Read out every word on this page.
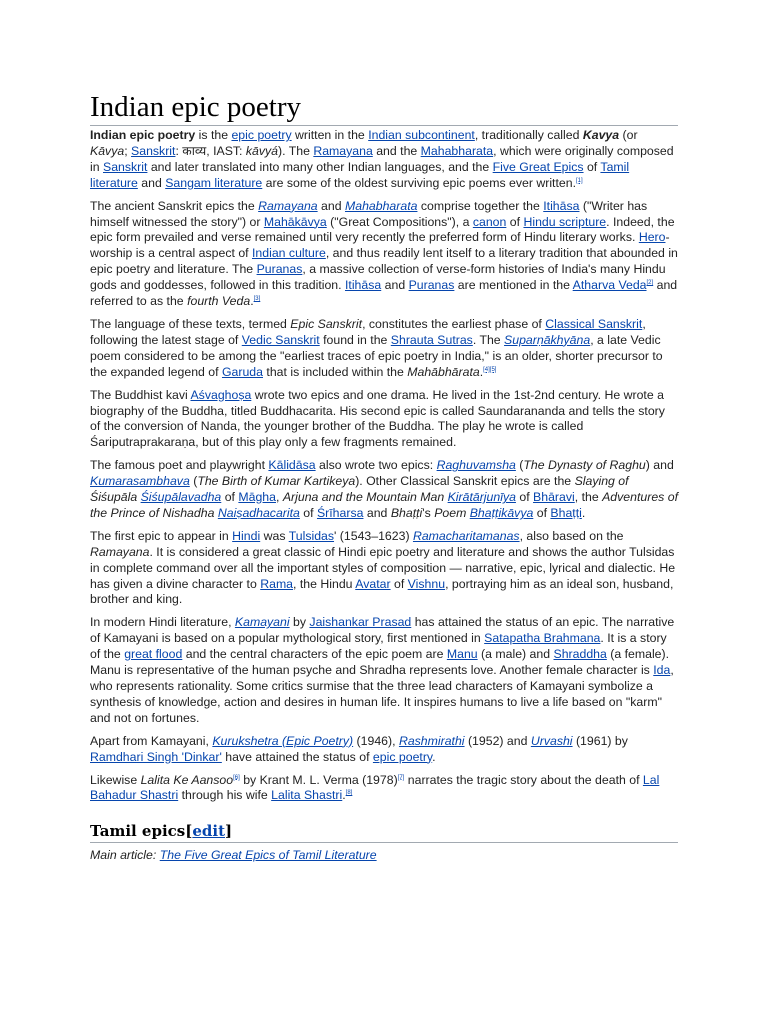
Indian epic poetry

Indian epic poetry is the epic poetry written in the Indian subcontinent, traditionally called Kavya (or Kāvya; Sanskrit: काव्य, IAST: kāvyá). The Ramayana and the Mahabharata, which were originally composed in Sanskrit and later translated into many other Indian languages, and the Five Great Epics of Tamil literature and Sangam literature are some of the oldest surviving epic poems ever written.[1]

The ancient Sanskrit epics the Ramayana and Mahabharata comprise together the Itihāsa ("Writer has himself witnessed the story") or Mahākāvya ("Great Compositions"), a canon of Hindu scripture. Indeed, the epic form prevailed and verse remained until very recently the preferred form of Hindu literary works. Hero-worship is a central aspect of Indian culture, and thus readily lent itself to a literary tradition that abounded in epic poetry and literature. The Puranas, a massive collection of verse-form histories of India's many Hindu gods and goddesses, followed in this tradition. Itihāsa and Puranas are mentioned in the Atharva Veda[2] and referred to as the fourth Veda.[3]

The language of these texts, termed Epic Sanskrit, constitutes the earliest phase of Classical Sanskrit, following the latest stage of Vedic Sanskrit found in the Shrauta Sutras. The Suparṇākhyāna, a late Vedic poem considered to be among the "earliest traces of epic poetry in India," is an older, shorter precursor to the expanded legend of Garuda that is included within the Mahābhārata.[4][5]

The Buddhist kavi Aśvaghoṣa wrote two epics and one drama. He lived in the 1st-2nd century. He wrote a biography of the Buddha, titled Buddhacarita. His second epic is called Saundarananda and tells the story of the conversion of Nanda, the younger brother of the Buddha. The play he wrote is called Śariputraprakaraṇa, but of this play only a few fragments remained.

The famous poet and playwright Kālidāsa also wrote two epics: Raghuvamsha (The Dynasty of Raghu) and Kumarasambhava (The Birth of Kumar Kartikeya). Other Classical Sanskrit epics are the Slaying of Śiśupāla Śiśupālavadha of Māgha, Arjuna and the Mountain Man Kirātārjunīya of Bhāravi, the Adventures of the Prince of Nishadha Naiṣadhacarita of Śrīharsa and Bhaṭṭi's Poem Bhaṭṭikāvya of Bhaṭṭi.

The first epic to appear in Hindi was Tulsidas' (1543–1623) Ramacharitamanas, also based on the Ramayana. It is considered a great classic of Hindi epic poetry and literature and shows the author Tulsidas in complete command over all the important styles of composition — narrative, epic, lyrical and dialectic. He has given a divine character to Rama, the Hindu Avatar of Vishnu, portraying him as an ideal son, husband, brother and king.

In modern Hindi literature, Kamayani by Jaishankar Prasad has attained the status of an epic. The narrative of Kamayani is based on a popular mythological story, first mentioned in Satapatha Brahmana. It is a story of the great flood and the central characters of the epic poem are Manu (a male) and Shraddha (a female). Manu is representative of the human psyche and Shradha represents love. Another female character is Ida, who represents rationality. Some critics surmise that the three lead characters of Kamayani symbolize a synthesis of knowledge, action and desires in human life. It inspires humans to live a life based on "karm" and not on fortunes.

Apart from Kamayani, Kurukshetra (Epic Poetry) (1946), Rashmirathi (1952) and Urvashi (1961) by Ramdhari Singh 'Dinkar' have attained the status of epic poetry.

Likewise Lalita Ke Aansoo[6] by Krant M. L. Verma (1978)[7] narrates the tragic story about the death of Lal Bahadur Shastri through his wife Lalita Shastri.[8]

Tamil epics[edit]
Main article: The Five Great Epics of Tamil Literature
